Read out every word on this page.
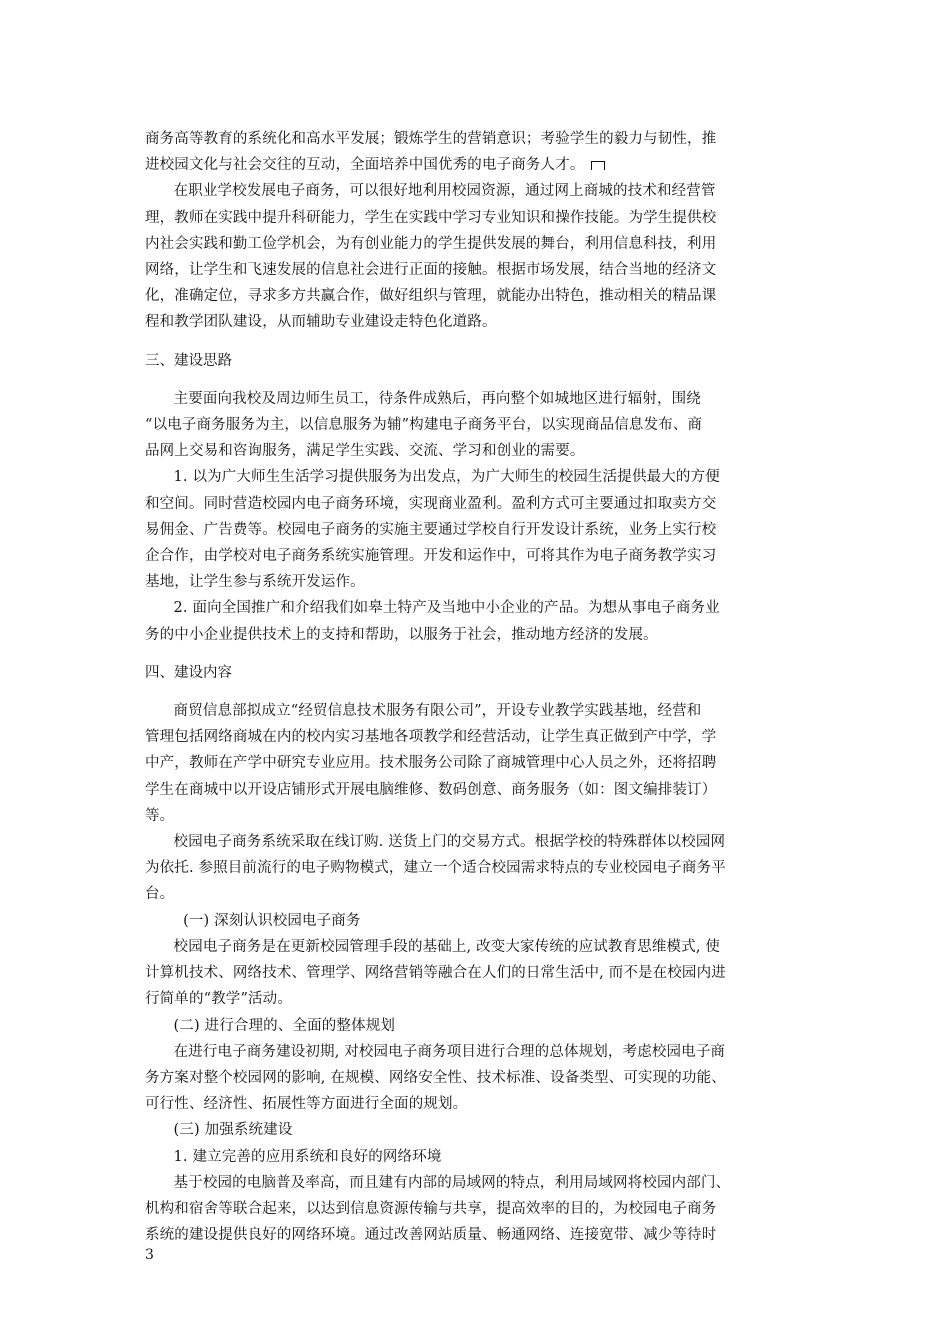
商务高等教育的系统化和高水平发展；锻炼学生的营销意识；考验学生的毅力与韧性，推
进校园文化与社会交往的互动，全面培养中国优秀的电子商务人才。

在职业学校发展电子商务，可以很好地利用校园资源，通过网上商城的技术和经营管
理，教师在实践中提升科研能力，学生在实践中学习专业知识和操作技能。为学生提供校
内社会实践和勤工俭学机会，为有创业能力的学生提供发展的舞台，利用信息科技，利用
网络，让学生和飞速发展的信息社会进行正面的接触。根据市场发展，结合当地的经济文
化，准确定位，寻求多方共赢合作，做好组织与管理，就能办出特色，推动相关的精品课
程和教学团队建设，从而辅助专业建设走特色化道路。

三、建设思路

主要面向我校及周边师生员工，待条件成熟后，再向整个如城地区进行辐射，围绕
“以电子商务服务为主，以信息服务为辅”构建电子商务平台，以实现商品信息发布、商
品网上交易和咨询服务，满足学生实践、交流、学习和创业的需要。

1. 以为广大师生生活学习提供服务为出发点，为广大师生的校园生活提供最大的方便
和空间。同时营造校园内电子商务环境，实现商业盈利。盈利方式可主要通过扣取卖方交
易佣金、广告费等。校园电子商务的实施主要通过学校自行开发设计系统，业务上实行校
企合作，由学校对电子商务系统实施管理。开发和运作中，可将其作为电子商务教学实习
基地，让学生参与系统开发运作。

2. 面向全国推广和介绍我们如皋土特产及当地中小企业的产品。为想从事电子商务业
务的中小企业提供技术上的支持和帮助，以服务于社会，推动地方经济的发展。

四、建设内容

商贸信息部拟成立“经贸信息技术服务有限公司”，开设专业教学实践基地，经营和
管理包括网络商城在内的校内实习基地各项教学和经营活动，让学生真正做到产中学，学
中产，教师在产学中研究专业应用。技术服务公司除了商城管理中心人员之外，还将招聘
学生在商城中以开设店铺形式开展电脑维修、数码创意、商务服务（如：图文编排装订）
等。

校园电子商务系统采取在线订购. 送货上门的交易方式。根据学校的特殊群体以校园网
为依托. 参照目前流行的电子购物模式，建立一个适合校园需求特点的专业校园电子商务平
台。

(一) 深刻认识校园电子商务

校园电子商务是在更新校园管理手段的基础上, 改变大家传统的应试教育思维模式, 使
计算机技术、网络技术、管理学、网络营销等融合在人们的日常生活中, 而不是在校园内进
行简单的“教学”活动。

(二) 进行合理的、全面的整体规划

在进行电子商务建设初期, 对校园电子商务项目进行合理的总体规划，考虑校园电子商
务方案对整个校园网的影响, 在规模、网络安全性、技术标准、设备类型、可实现的功能、
可行性、经济性、拓展性等方面进行全面的规划。

(三) 加强系统建设

1. 建立完善的应用系统和良好的网络环境

基于校园的电脑普及率高，而且建有内部的局域网的特点，利用局域网将校园内部门、
机构和宿舍等联合起来，以达到信息资源传输与共享，提高效率的目的，为校园电子商务
系统的建设提供良好的网络环境。通过改善网站质量、畅通网络、连接宽带、减少等待时

3
